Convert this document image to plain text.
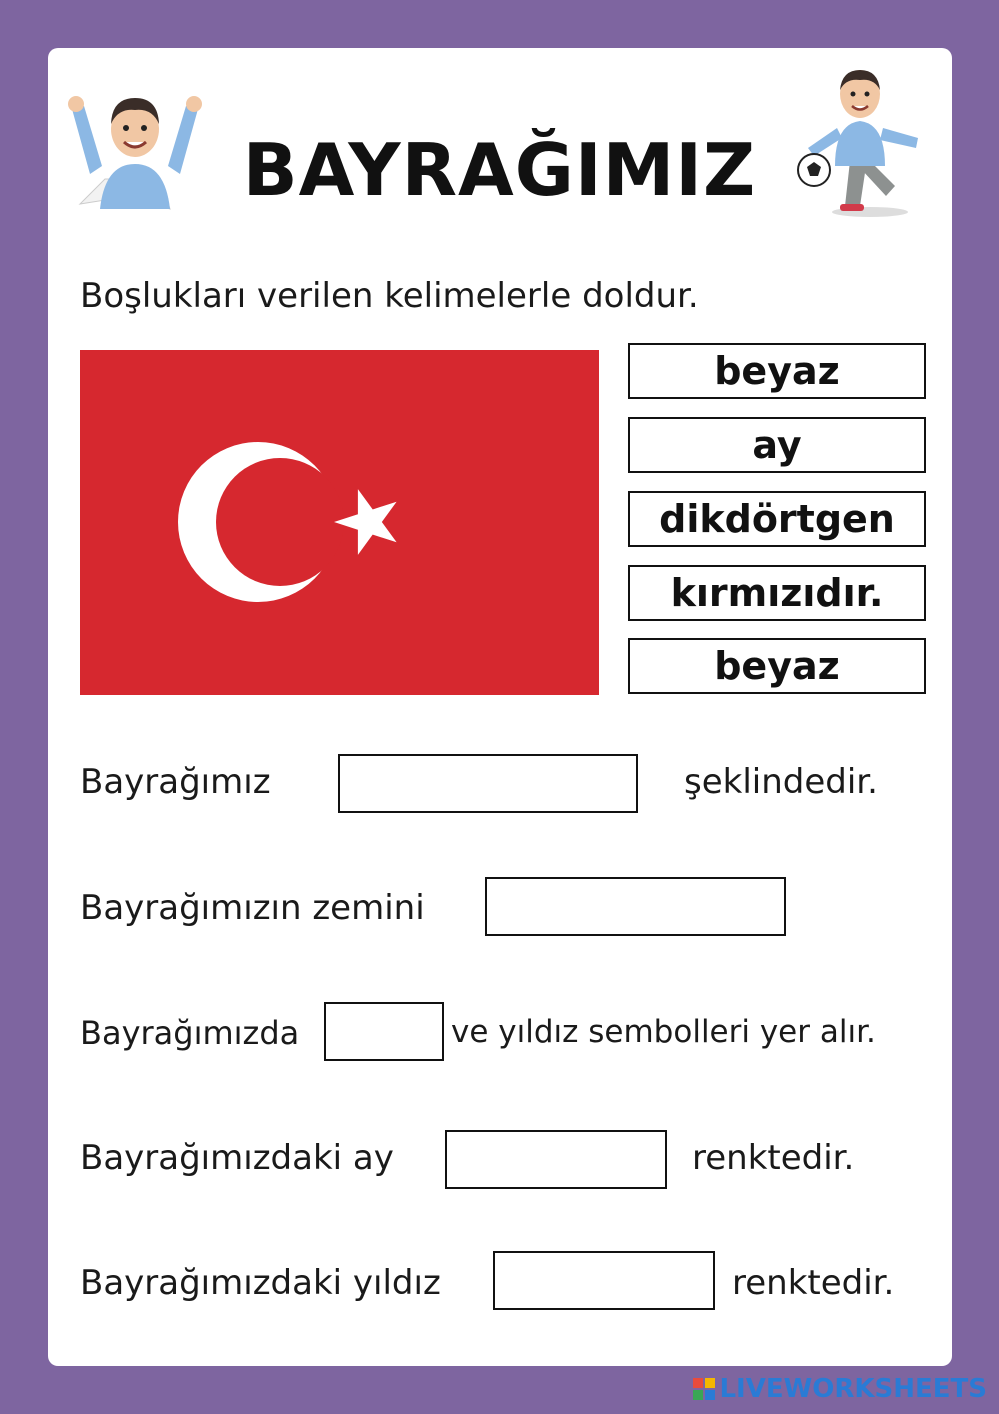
BAYRAĞIMIZ
Boşlukları verilen kelimelerle doldur.
beyaz
ay
dikdörtgen
kırmızıdır.
beyaz
Bayrağımız	şeklindedir.
Bayrağımızın zemini
Bayrağımızda	ve yıldız sembolleri yer alır.
Bayrağımızdaki ay	renktedir.
Bayrağımızdaki yıldız	renktedir.
LIVEWORKSHEETS
